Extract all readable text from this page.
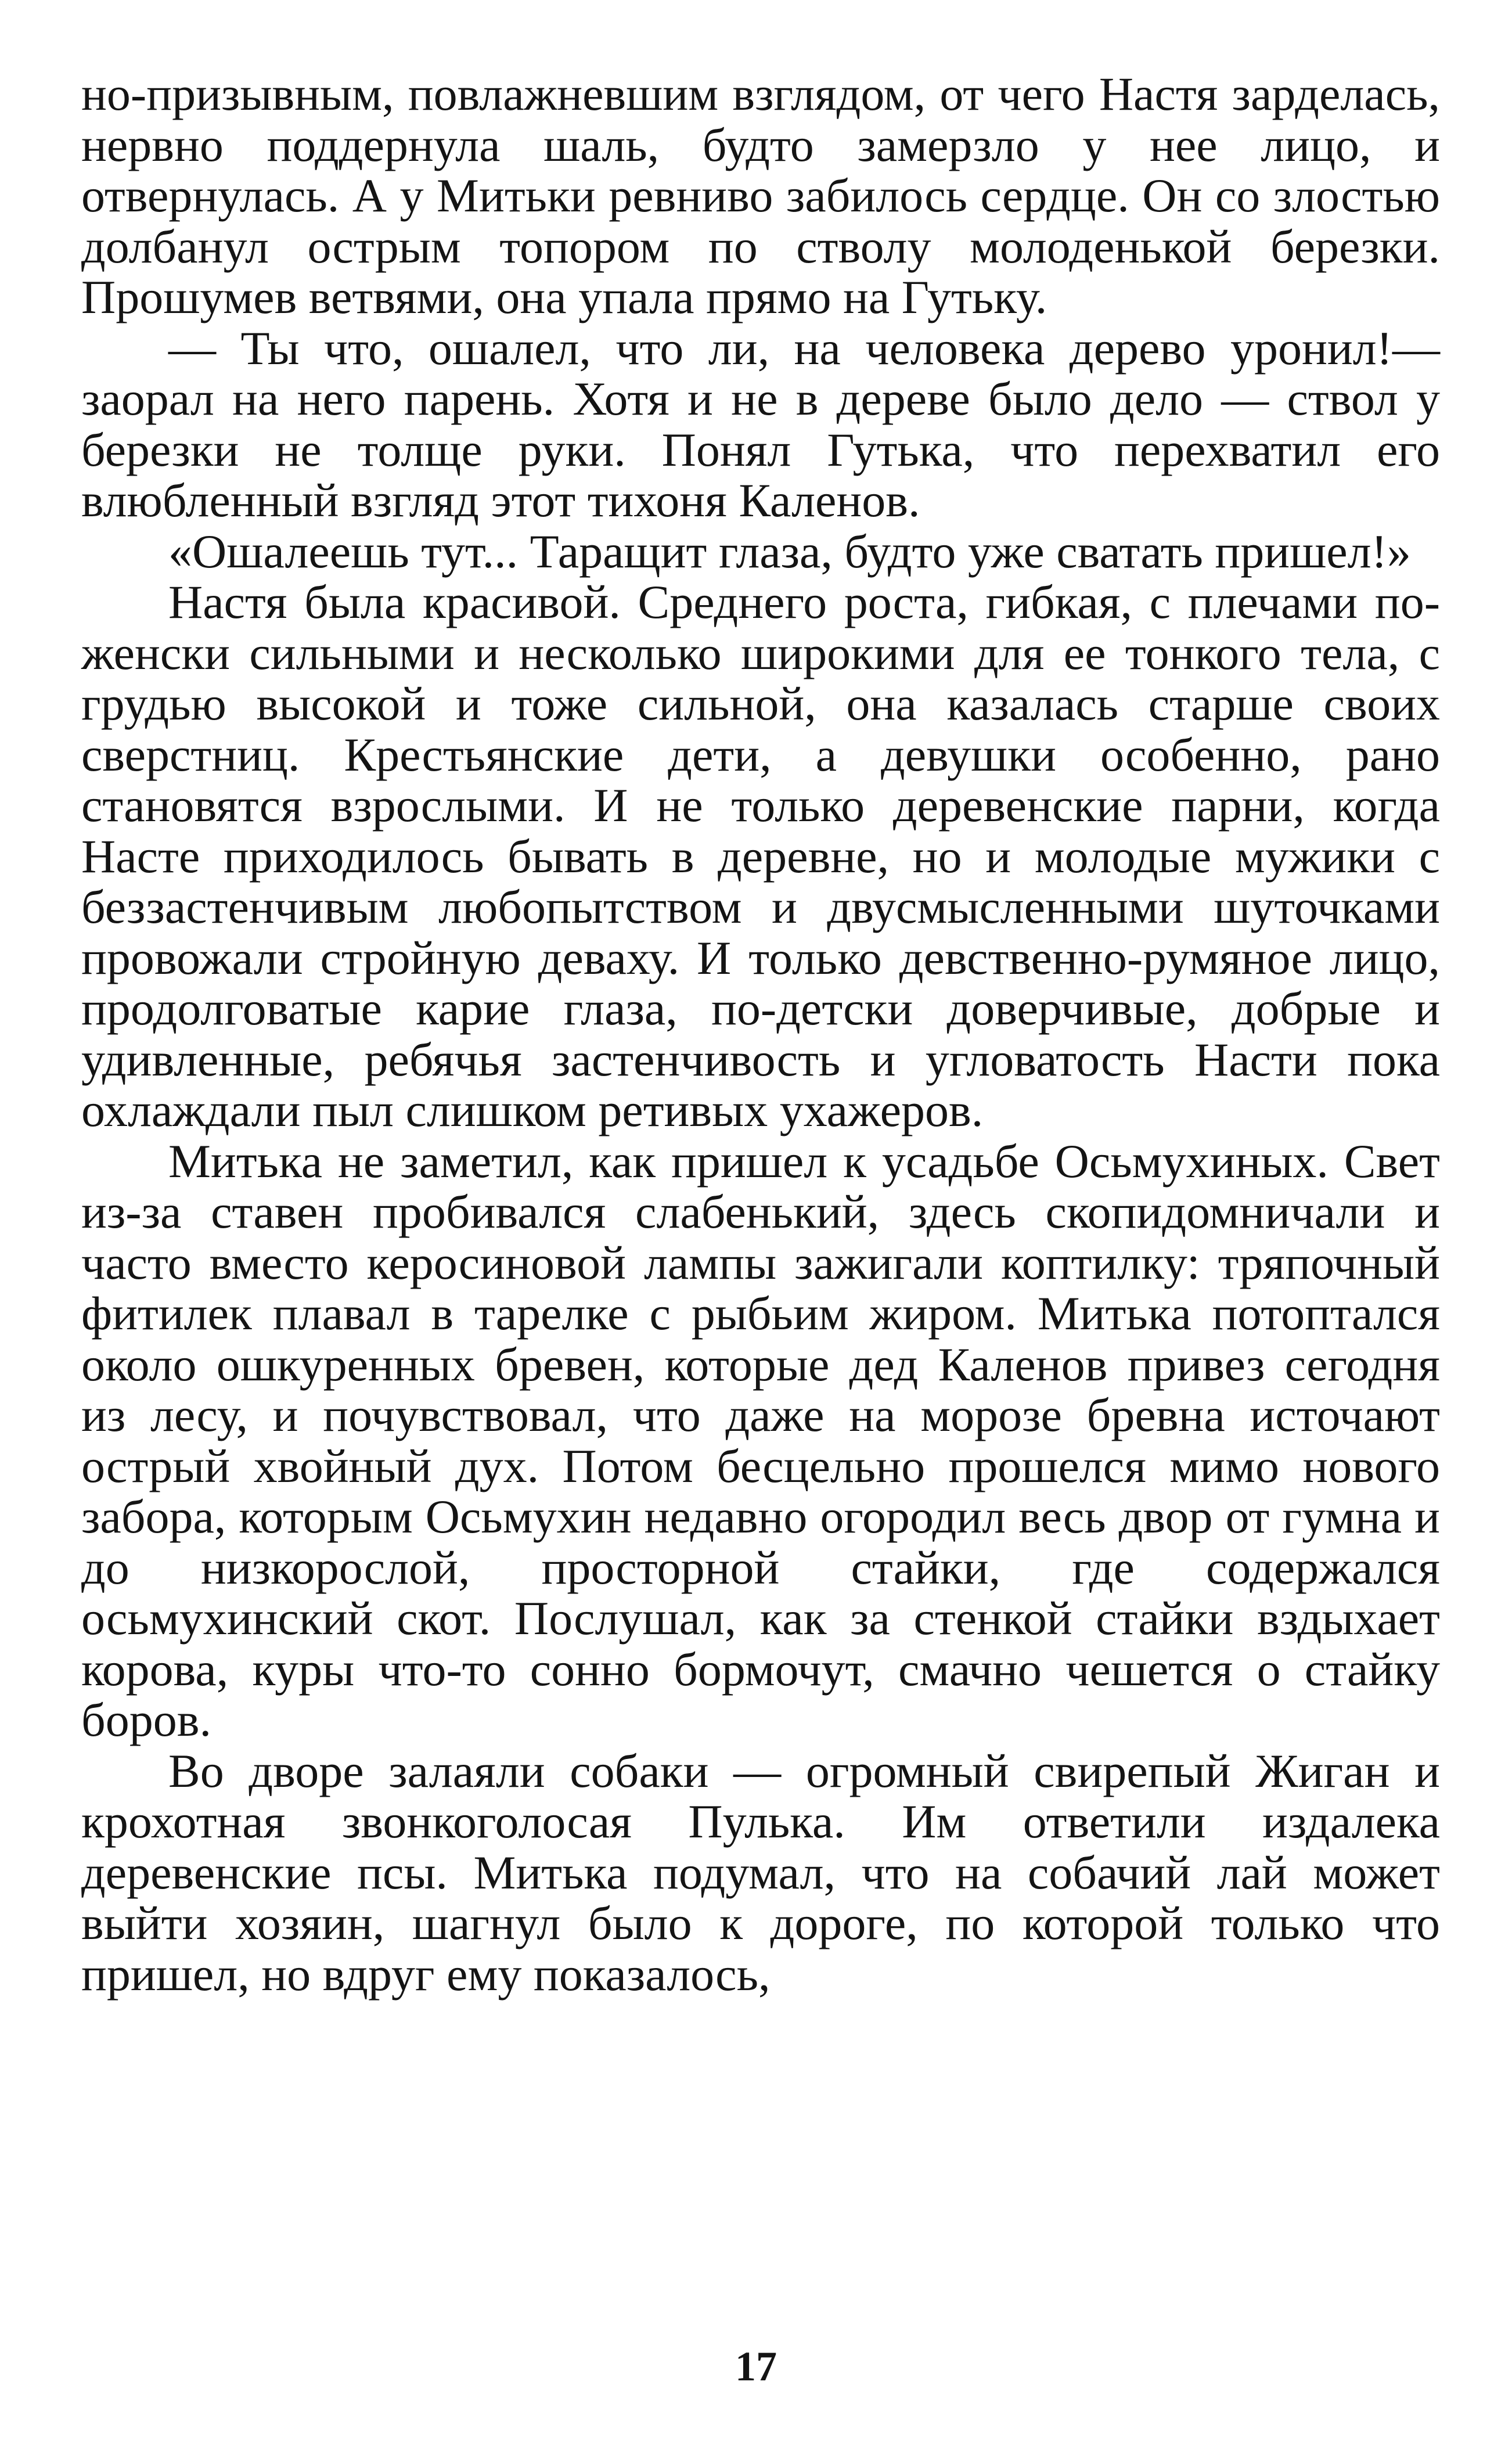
но-призывным, повлажневшим взглядом, от чего Настя зарделась, нервно поддернула шаль, будто замерзло у нее лицо, и отвернулась. А у Митьки ревниво забилось сердце. Он со злостью долбанул острым топором по стволу молоденькой березки. Прошумев ветвями, она упала прямо на Гутьку.

— Ты что, ошалел, что ли, на человека дерево уронил!— заорал на него парень. Хотя и не в дереве было дело — ствол у березки не толще руки. Понял Гутька, что перехватил его влюбленный взгляд этот тихоня Каленов.

«Ошалеешь тут... Таращит глаза, будто уже сватать пришел!»

Настя была красивой. Среднего роста, гибкая, с плечами по-женски сильными и несколько широкими для ее тонкого тела, с грудью высокой и тоже сильной, она казалась старше своих сверстниц. Крестьянские дети, а девушки особенно, рано становятся взрослыми. И не только деревенские парни, когда Насте приходилось бывать в деревне, но и молодые мужики с беззастенчивым любопытством и двусмысленными шуточками провожали стройную деваху. И только девственно-румяное лицо, продолговатые карие глаза, по-детски доверчивые, добрые и удивленные, ребячья застенчивость и угловатость Насти пока охлаждали пыл слишком ретивых ухажеров.

Митька не заметил, как пришел к усадьбе Осьмухиных. Свет из-за ставен пробивался слабенький, здесь скопидомничали и часто вместо керосиновой лампы зажигали коптилку: тряпочный фитилек плавал в тарелке с рыбьим жиром. Митька потоптался около ошкуренных бревен, которые дед Каленов привез сегодня из лесу, и почувствовал, что даже на морозе бревна источают острый хвойный дух. Потом бесцельно прошелся мимо нового забора, которым Осьмухин недавно огородил весь двор от гумна и до низкорослой, просторной стайки, где содержался осьмухинский скот. Послушал, как за стенкой стайки вздыхает корова, куры что-то сонно бормочут, смачно чешется о стайку боров.

Во дворе залаяли собаки — огромный свирепый Жиган и крохотная звонкоголосая Пулька. Им ответили издалека деревенские псы. Митька подумал, что на собачий лай может выйти хозяин, шагнул было к дороге, по которой только что пришел, но вдруг ему показалось,

17
